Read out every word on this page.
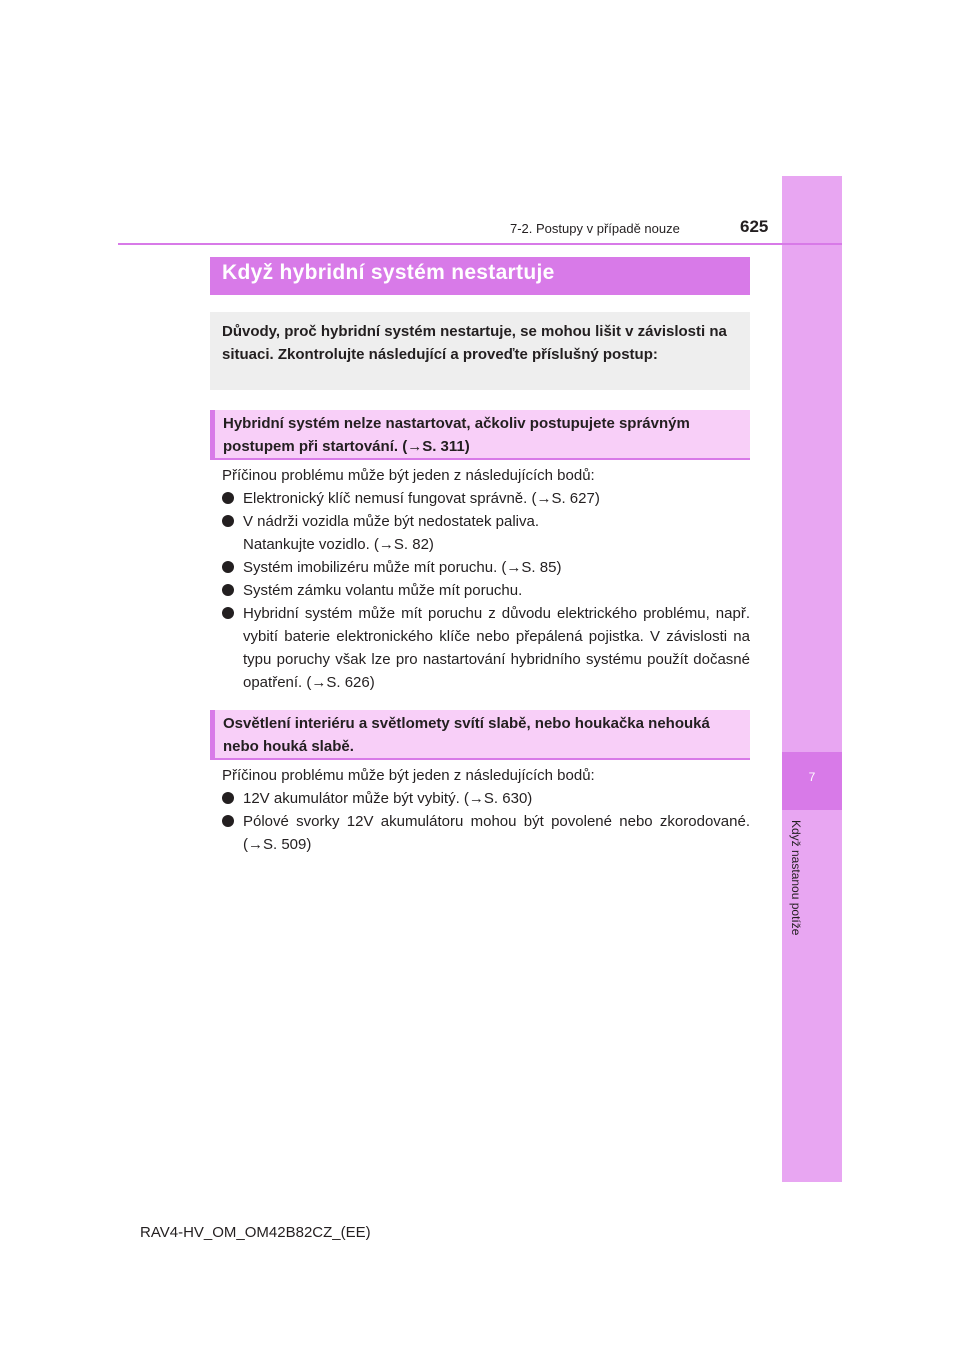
7
Když nastanou potíže
7-2. Postupy v případě nouze	625
Když hybridní systém nestartuje
Důvody, proč hybridní systém nestartuje, se mohou lišit v závislosti na situaci. Zkontrolujte následující a proveďte příslušný postup:
Hybridní systém nelze nastartovat, ačkoliv postupujete správným postupem při startování. (→S. 311)
Příčinou problému může být jeden z následujících bodů:
Elektronický klíč nemusí fungovat správně. (→S. 627)
V nádrži vozidla může být nedostatek paliva.
Natankujte vozidlo. (→S. 82)
Systém imobilizéru může mít poruchu. (→S. 85)
Systém zámku volantu může mít poruchu.
Hybridní systém může mít poruchu z důvodu elektrického problému, např. vybití baterie elektronického klíče nebo přepálená pojistka. V závislosti na typu poruchy však lze pro nastartování hybridního systému použít dočasné opatření. (→S. 626)
Osvětlení interiéru a světlomety svítí slabě, nebo houkačka nehouká nebo houká slabě.
Příčinou problému může být jeden z následujících bodů:
12V akumulátor může být vybitý. (→S. 630)
Pólové svorky 12V akumulátoru mohou být povolené nebo zkorodované. (→S. 509)
RAV4-HV_OM_OM42B82CZ_(EE)
